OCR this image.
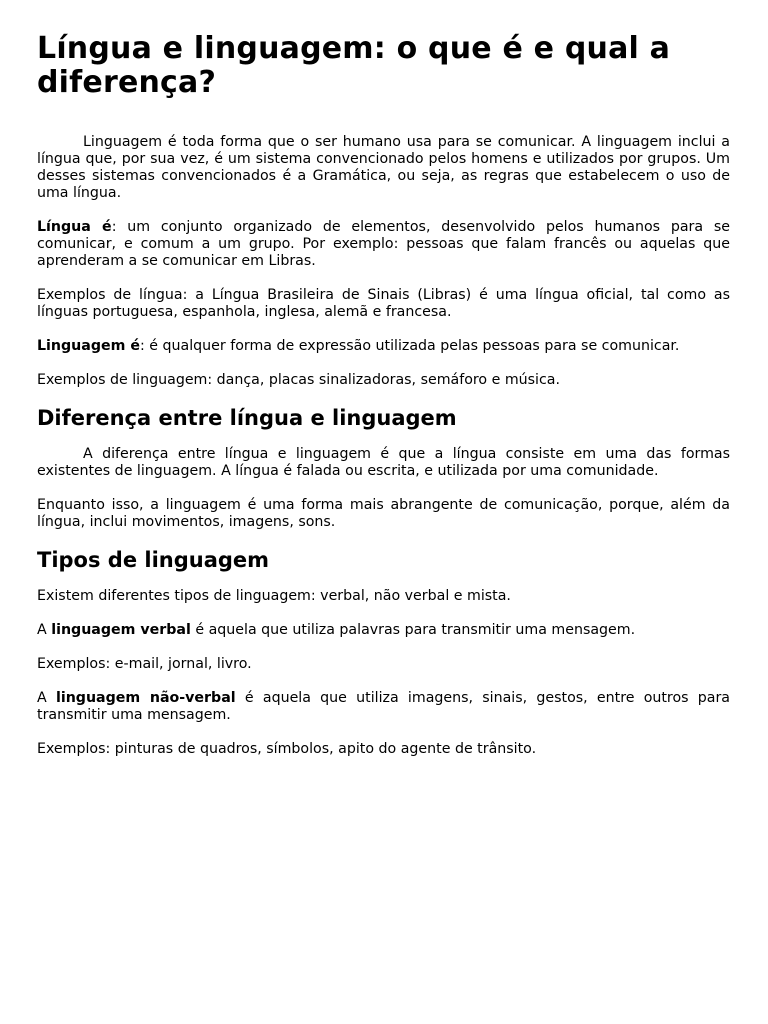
Língua e linguagem: o que é e qual a diferença?

Linguagem é toda forma que o ser humano usa para se comunicar. A linguagem inclui a língua que, por sua vez, é um sistema convencionado pelos homens e utilizados por grupos. Um desses sistemas convencionados é a Gramática, ou seja, as regras que estabelecem o uso de uma língua.

Língua é: um conjunto organizado de elementos, desenvolvido pelos humanos para se comunicar, e comum a um grupo. Por exemplo: pessoas que falam francês ou aquelas que aprenderam a se comunicar em Libras.

Exemplos de língua: a Língua Brasileira de Sinais (Libras) é uma língua oficial, tal como as línguas portuguesa, espanhola, inglesa, alemã e francesa.

Linguagem é: é qualquer forma de expressão utilizada pelas pessoas para se comunicar.

Exemplos de linguagem: dança, placas sinalizadoras, semáforo e música.

Diferença entre língua e linguagem

A diferença entre língua e linguagem é que a língua consiste em uma das formas existentes de linguagem. A língua é falada ou escrita, e utilizada por uma comunidade.

Enquanto isso, a linguagem é uma forma mais abrangente de comunicação, porque, além da língua, inclui movimentos, imagens, sons.

Tipos de linguagem

Existem diferentes tipos de linguagem: verbal, não verbal e mista.

A linguagem verbal é aquela que utiliza palavras para transmitir uma mensagem.

Exemplos: e-mail, jornal, livro.

A linguagem não-verbal é aquela que utiliza imagens, sinais, gestos, entre outros para transmitir uma mensagem.

Exemplos: pinturas de quadros, símbolos, apito do agente de trânsito.
